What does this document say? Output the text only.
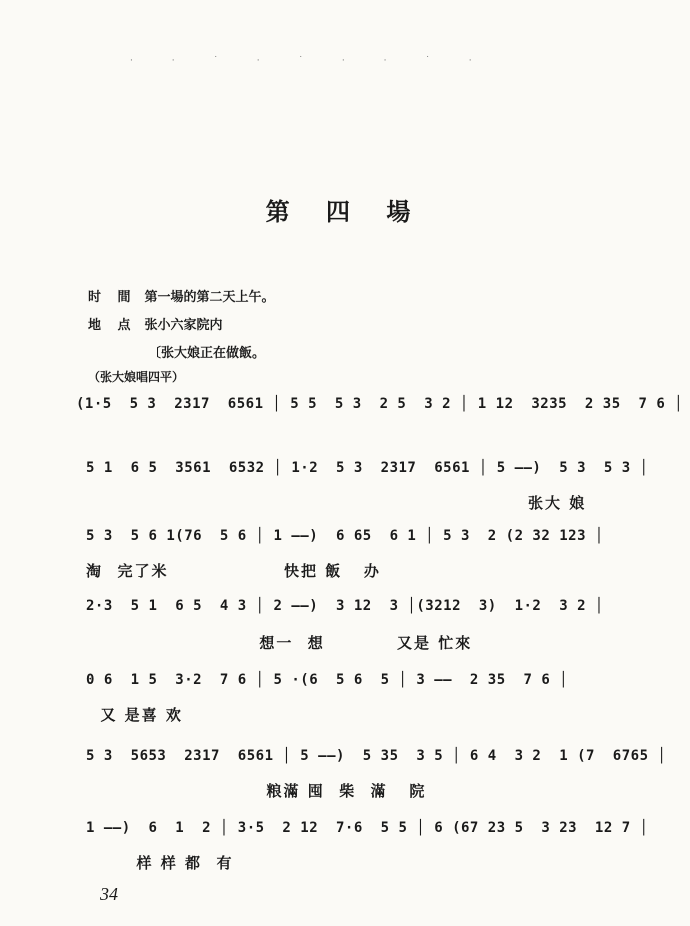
· · ˙ · ˙ · · ˙ ·
第 四 場
时 間 第一場的第二天上午。
地 点 张小六家院内
〔张大娘正在做飯。
（张大娘唱四平）
(1·5  5 3  2317  6561 │ 5 5  5 3  2 5  3 2 │ 1 12  3235  2 35  7 6 │
5 1  6 5  3561  6532 │ 1·2  5 3  2317  6561 │ 5 ——)  5 3  5 3 │
张大 娘
5 3  5 6 1(76  5 6 │ 1 ——)  6 65  6 1 │ 5 3  2 (2 32 123 │
淘  完了米                快把 飯   办
2·3  5 1  6 5  4 3 │ 2 ——)  3 12  3 │(3212  3)  1·2  3 2 │
想一  想          又是 忙來
0 6  1 5  3·2  7 6 │ 5 ·(6  5 6  5 │ 3 ——  2 35  7 6 │
又 是喜 欢
5 3  5653  2317  6561 │ 5 ——)  5 35  3 5 │ 6 4  3 2  1 (7  6765 │
粮滿 囤  柴  滿   院
1 ——)  6  1  2 │ 3·5  2 12  7·6  5 5 │ 6 (67 23 5  3 23  12 7 │
样 样 都  有
34
